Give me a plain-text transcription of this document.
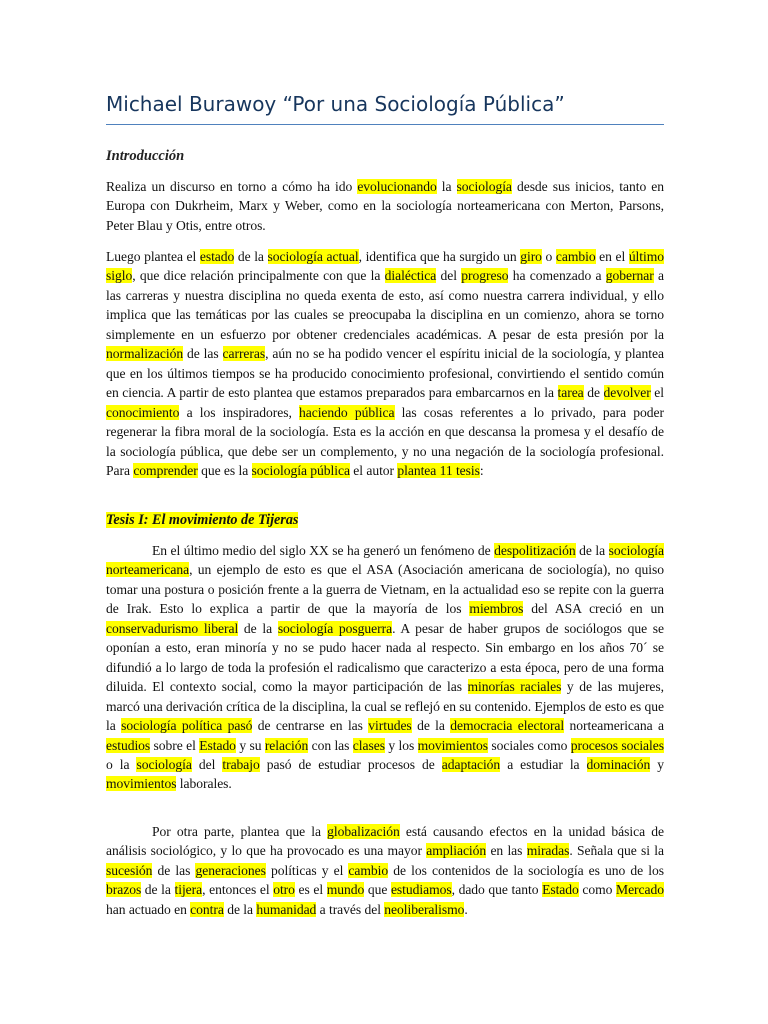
Michael Burawoy “Por una Sociología Pública”
Introducción

Realiza un discurso en torno a cómo ha ido evolucionando la sociología desde sus inicios, tanto en Europa con Dukrheim, Marx y Weber, como en la sociología norteamericana con Merton, Parsons, Peter Blau y Otis, entre otros.

Luego plantea el estado de la sociología actual, identifica que ha surgido un giro o cambio en el último siglo, que dice relación principalmente con que la dialéctica del progreso ha comenzado a gobernar a las carreras y nuestra disciplina no queda exenta de esto, así como nuestra carrera individual, y ello implica que las temáticas por las cuales se preocupaba la disciplina en un comienzo, ahora se torno simplemente en un esfuerzo por obtener credenciales académicas. A pesar de esta presión por la normalización de las carreras, aún no se ha podido vencer el espíritu inicial de la sociología, y plantea que en los últimos tiempos se ha producido conocimiento profesional, convirtiendo el sentido común en ciencia. A partir de esto plantea que estamos preparados para embarcarnos en la tarea de devolver el conocimiento a los inspiradores, haciendo pública las cosas referentes a lo privado, para poder regenerar la fibra moral de la sociología. Esta es la acción en que descansa la promesa y el desafío de la sociología pública, que debe ser un complemento, y no una negación de la sociología profesional. Para comprender que es la sociología pública el autor plantea 11 tesis:

Tesis I: El movimiento de Tijeras

En el último medio del siglo XX se ha generó un fenómeno de despolitización de la sociología norteamericana, un ejemplo de esto es que el ASA (Asociación americana de sociología), no quiso tomar una postura o posición frente a la guerra de Vietnam, en la actualidad eso se repite con la guerra de Irak. Esto lo explica a partir de que la mayoría de los miembros del ASA creció en un conservadurismo liberal de la sociología posguerra. A pesar de haber grupos de sociólogos que se oponían a esto, eran minoría y no se pudo hacer nada al respecto. Sin embargo en los años 70´ se difundió a lo largo de toda la profesión el radicalismo que caracterizo a esta época, pero de una forma diluida. El contexto social, como la mayor participación de las minorías raciales y de las mujeres, marcó una derivación crítica de la disciplina, la cual se reflejó en su contenido. Ejemplos de esto es que la sociología política pasó de centrarse en las virtudes de la democracia electoral norteamericana a estudios sobre el Estado y su relación con las clases y los movimientos sociales como procesos sociales o la sociología del trabajo pasó de estudiar procesos de adaptación a estudiar la dominación y movimientos laborales.

Por otra parte, plantea que la globalización está causando efectos en la unidad básica de análisis sociológico, y lo que ha provocado es una mayor ampliación en las miradas. Señala que si la sucesión de las generaciones políticas y el cambio de los contenidos de la sociología es uno de los brazos de la tijera, entonces el otro es el mundo que estudiamos, dado que tanto Estado como Mercado han actuado en contra de la humanidad a través del neoliberalismo.
